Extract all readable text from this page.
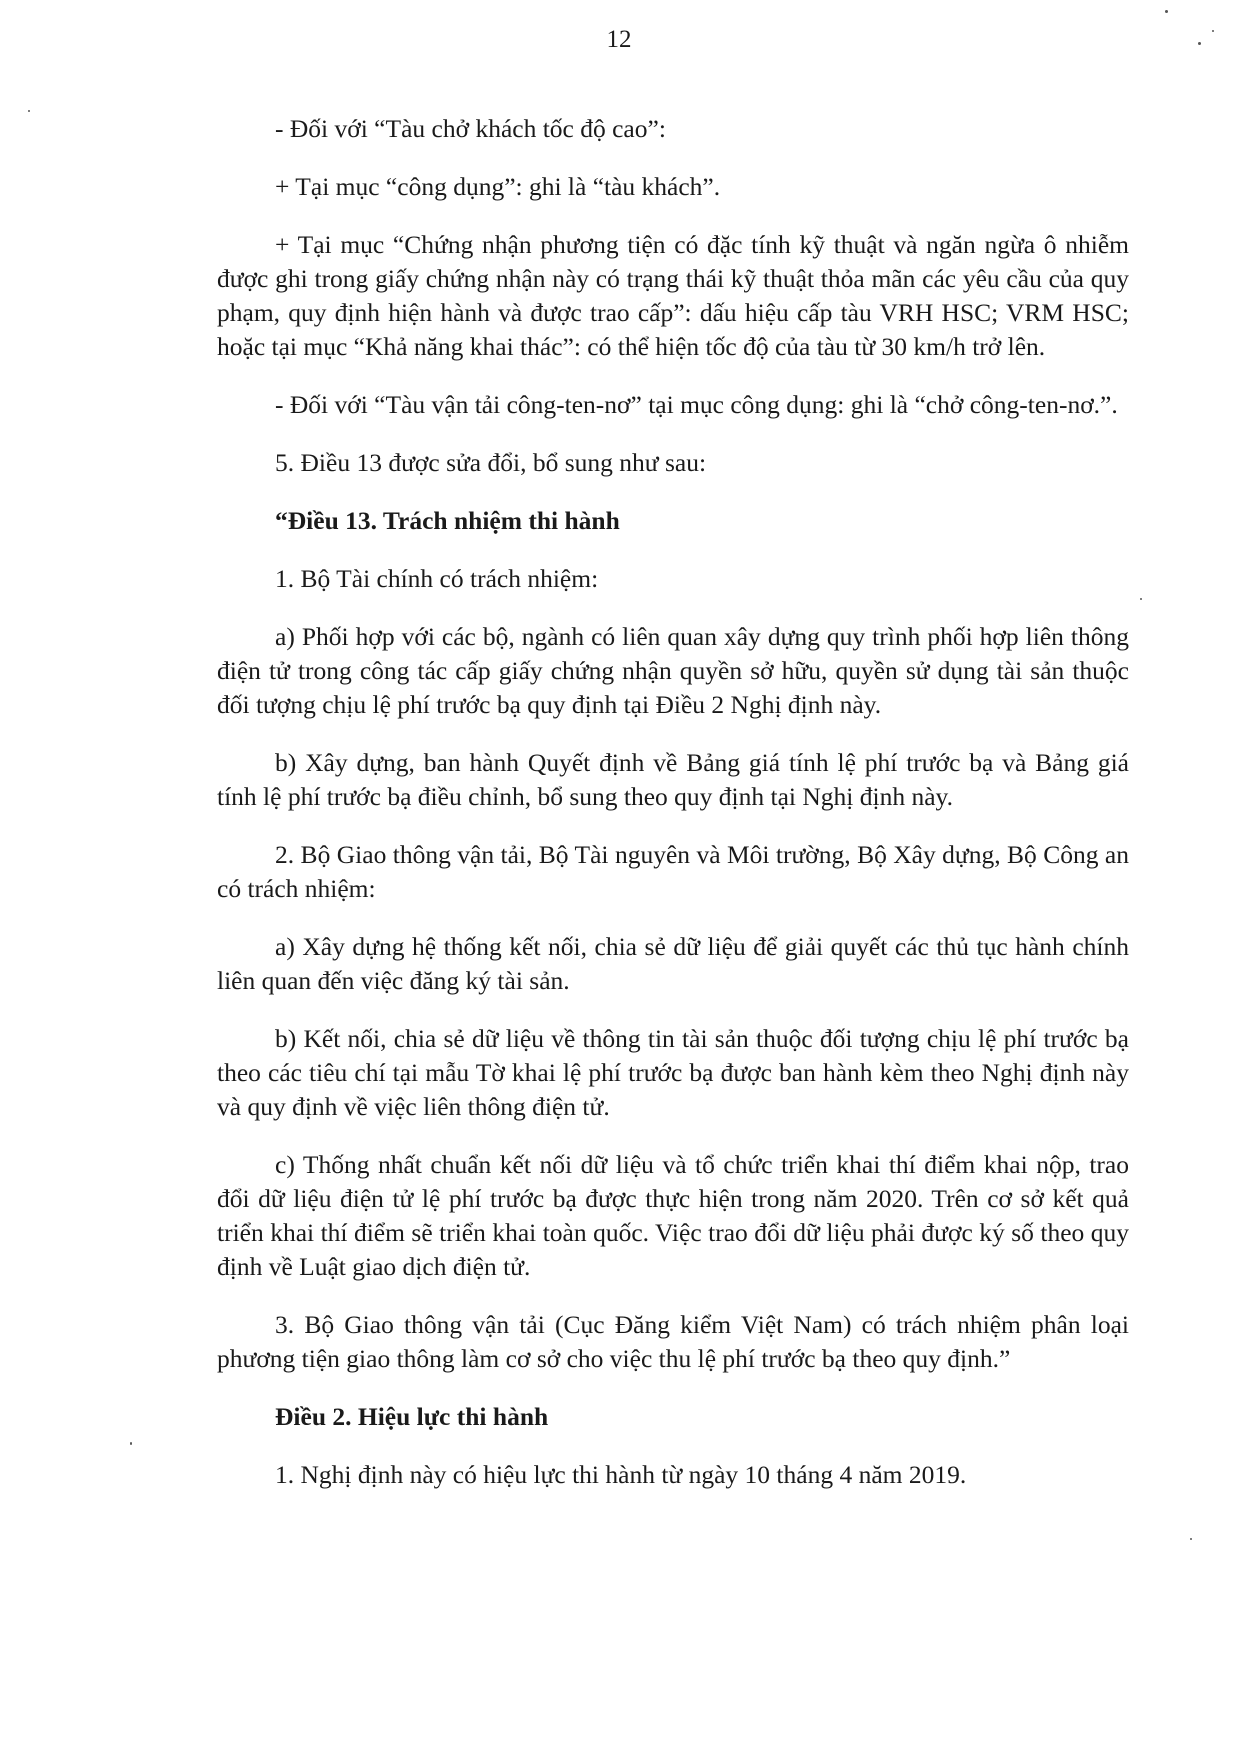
12

- Đối với “Tàu chở khách tốc độ cao”:

+ Tại mục “công dụng”: ghi là “tàu khách”.

+ Tại mục “Chứng nhận phương tiện có đặc tính kỹ thuật và ngăn ngừa ô nhiễm được ghi trong giấy chứng nhận này có trạng thái kỹ thuật thỏa mãn các yêu cầu của quy phạm, quy định hiện hành và được trao cấp”: dấu hiệu cấp tàu VRH HSC; VRM HSC; hoặc tại mục “Khả năng khai thác”: có thể hiện tốc độ của tàu từ 30 km/h trở lên.

- Đối với “Tàu vận tải công-ten-nơ” tại mục công dụng: ghi là “chở công-ten-nơ.”.

5. Điều 13 được sửa đổi, bổ sung như sau:

“Điều 13. Trách nhiệm thi hành

1. Bộ Tài chính có trách nhiệm:

a) Phối hợp với các bộ, ngành có liên quan xây dựng quy trình phối hợp liên thông điện tử trong công tác cấp giấy chứng nhận quyền sở hữu, quyền sử dụng tài sản thuộc đối tượng chịu lệ phí trước bạ quy định tại Điều 2 Nghị định này.

b) Xây dựng, ban hành Quyết định về Bảng giá tính lệ phí trước bạ và Bảng giá tính lệ phí trước bạ điều chỉnh, bổ sung theo quy định tại Nghị định này.

2. Bộ Giao thông vận tải, Bộ Tài nguyên và Môi trường, Bộ Xây dựng, Bộ Công an có trách nhiệm:

a) Xây dựng hệ thống kết nối, chia sẻ dữ liệu để giải quyết các thủ tục hành chính liên quan đến việc đăng ký tài sản.

b) Kết nối, chia sẻ dữ liệu về thông tin tài sản thuộc đối tượng chịu lệ phí trước bạ theo các tiêu chí tại mẫu Tờ khai lệ phí trước bạ được ban hành kèm theo Nghị định này và quy định về việc liên thông điện tử.

c) Thống nhất chuẩn kết nối dữ liệu và tổ chức triển khai thí điểm khai nộp, trao đổi dữ liệu điện tử lệ phí trước bạ được thực hiện trong năm 2020. Trên cơ sở kết quả triển khai thí điểm sẽ triển khai toàn quốc. Việc trao đổi dữ liệu phải được ký số theo quy định về Luật giao dịch điện tử.

3. Bộ Giao thông vận tải (Cục Đăng kiểm Việt Nam) có trách nhiệm phân loại phương tiện giao thông làm cơ sở cho việc thu lệ phí trước bạ theo quy định.”

Điều 2. Hiệu lực thi hành

1. Nghị định này có hiệu lực thi hành từ ngày 10 tháng 4 năm 2019.
